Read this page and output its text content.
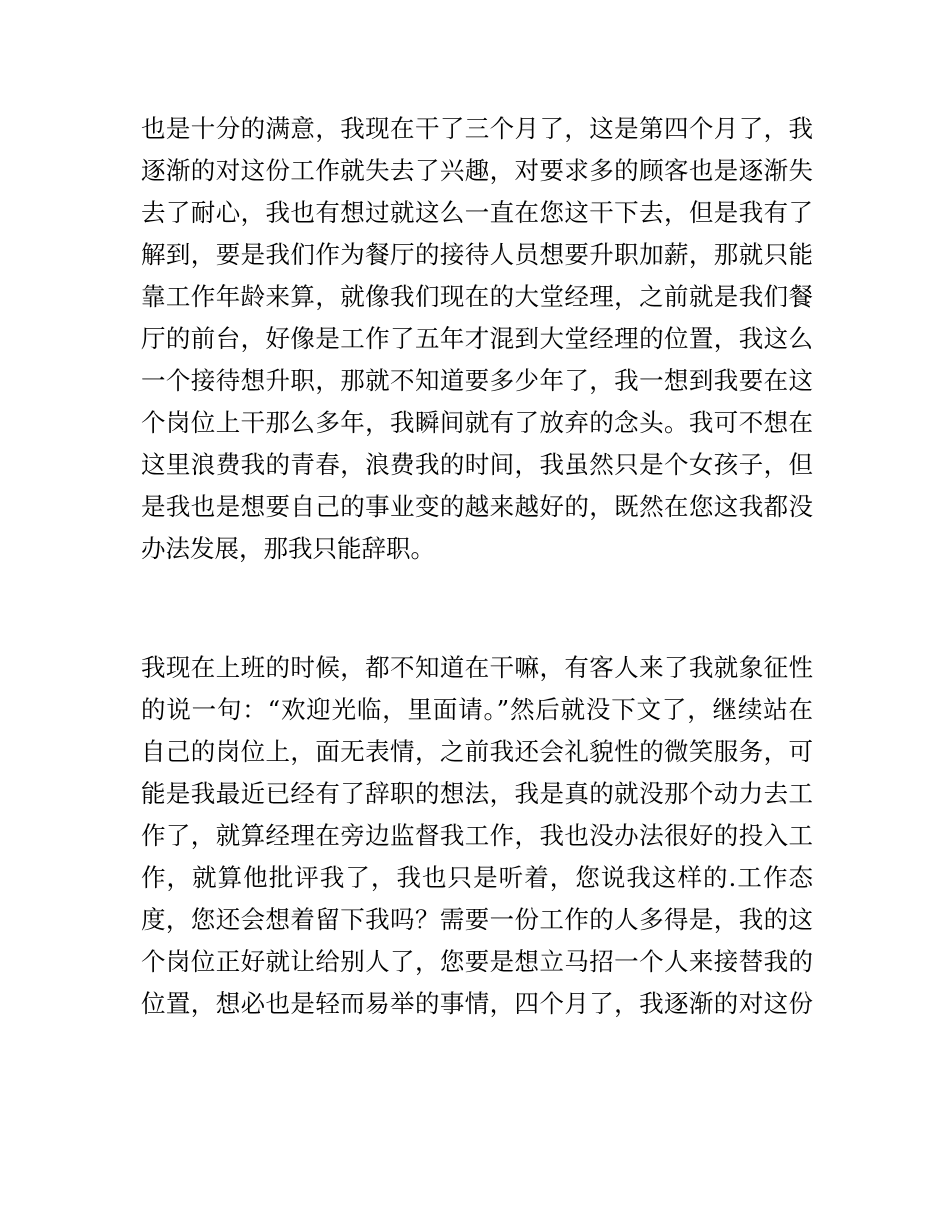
也是十分的满意，我现在干了三个月了，这是第四个月了，我
逐渐的对这份工作就失去了兴趣，对要求多的顾客也是逐渐失
去了耐心，我也有想过就这么一直在您这干下去，但是我有了
解到，要是我们作为餐厅的接待人员想要升职加薪，那就只能
靠工作年龄来算，就像我们现在的大堂经理，之前就是我们餐
厅的前台，好像是工作了五年才混到大堂经理的位置，我这么
一个接待想升职，那就不知道要多少年了，我一想到我要在这
个岗位上干那么多年，我瞬间就有了放弃的念头。我可不想在
这里浪费我的青春，浪费我的时间，我虽然只是个女孩子，但
是我也是想要自己的事业变的越来越好的，既然在您这我都没
办法发展，那我只能辞职。
我现在上班的时候，都不知道在干嘛，有客人来了我就象征性
的说一句：“欢迎光临，里面请。”然后就没下文了，继续站在
自己的岗位上，面无表情，之前我还会礼貌性的微笑服务，可
能是我最近已经有了辞职的想法，我是真的就没那个动力去工
作了，就算经理在旁边监督我工作，我也没办法很好的投入工
作，就算他批评我了，我也只是听着，您说我这样的.工作态
度，您还会想着留下我吗？需要一份工作的人多得是，我的这
个岗位正好就让给别人了，您要是想立马招一个人来接替我的
位置，想必也是轻而易举的事情，四个月了，我逐渐的对这份
